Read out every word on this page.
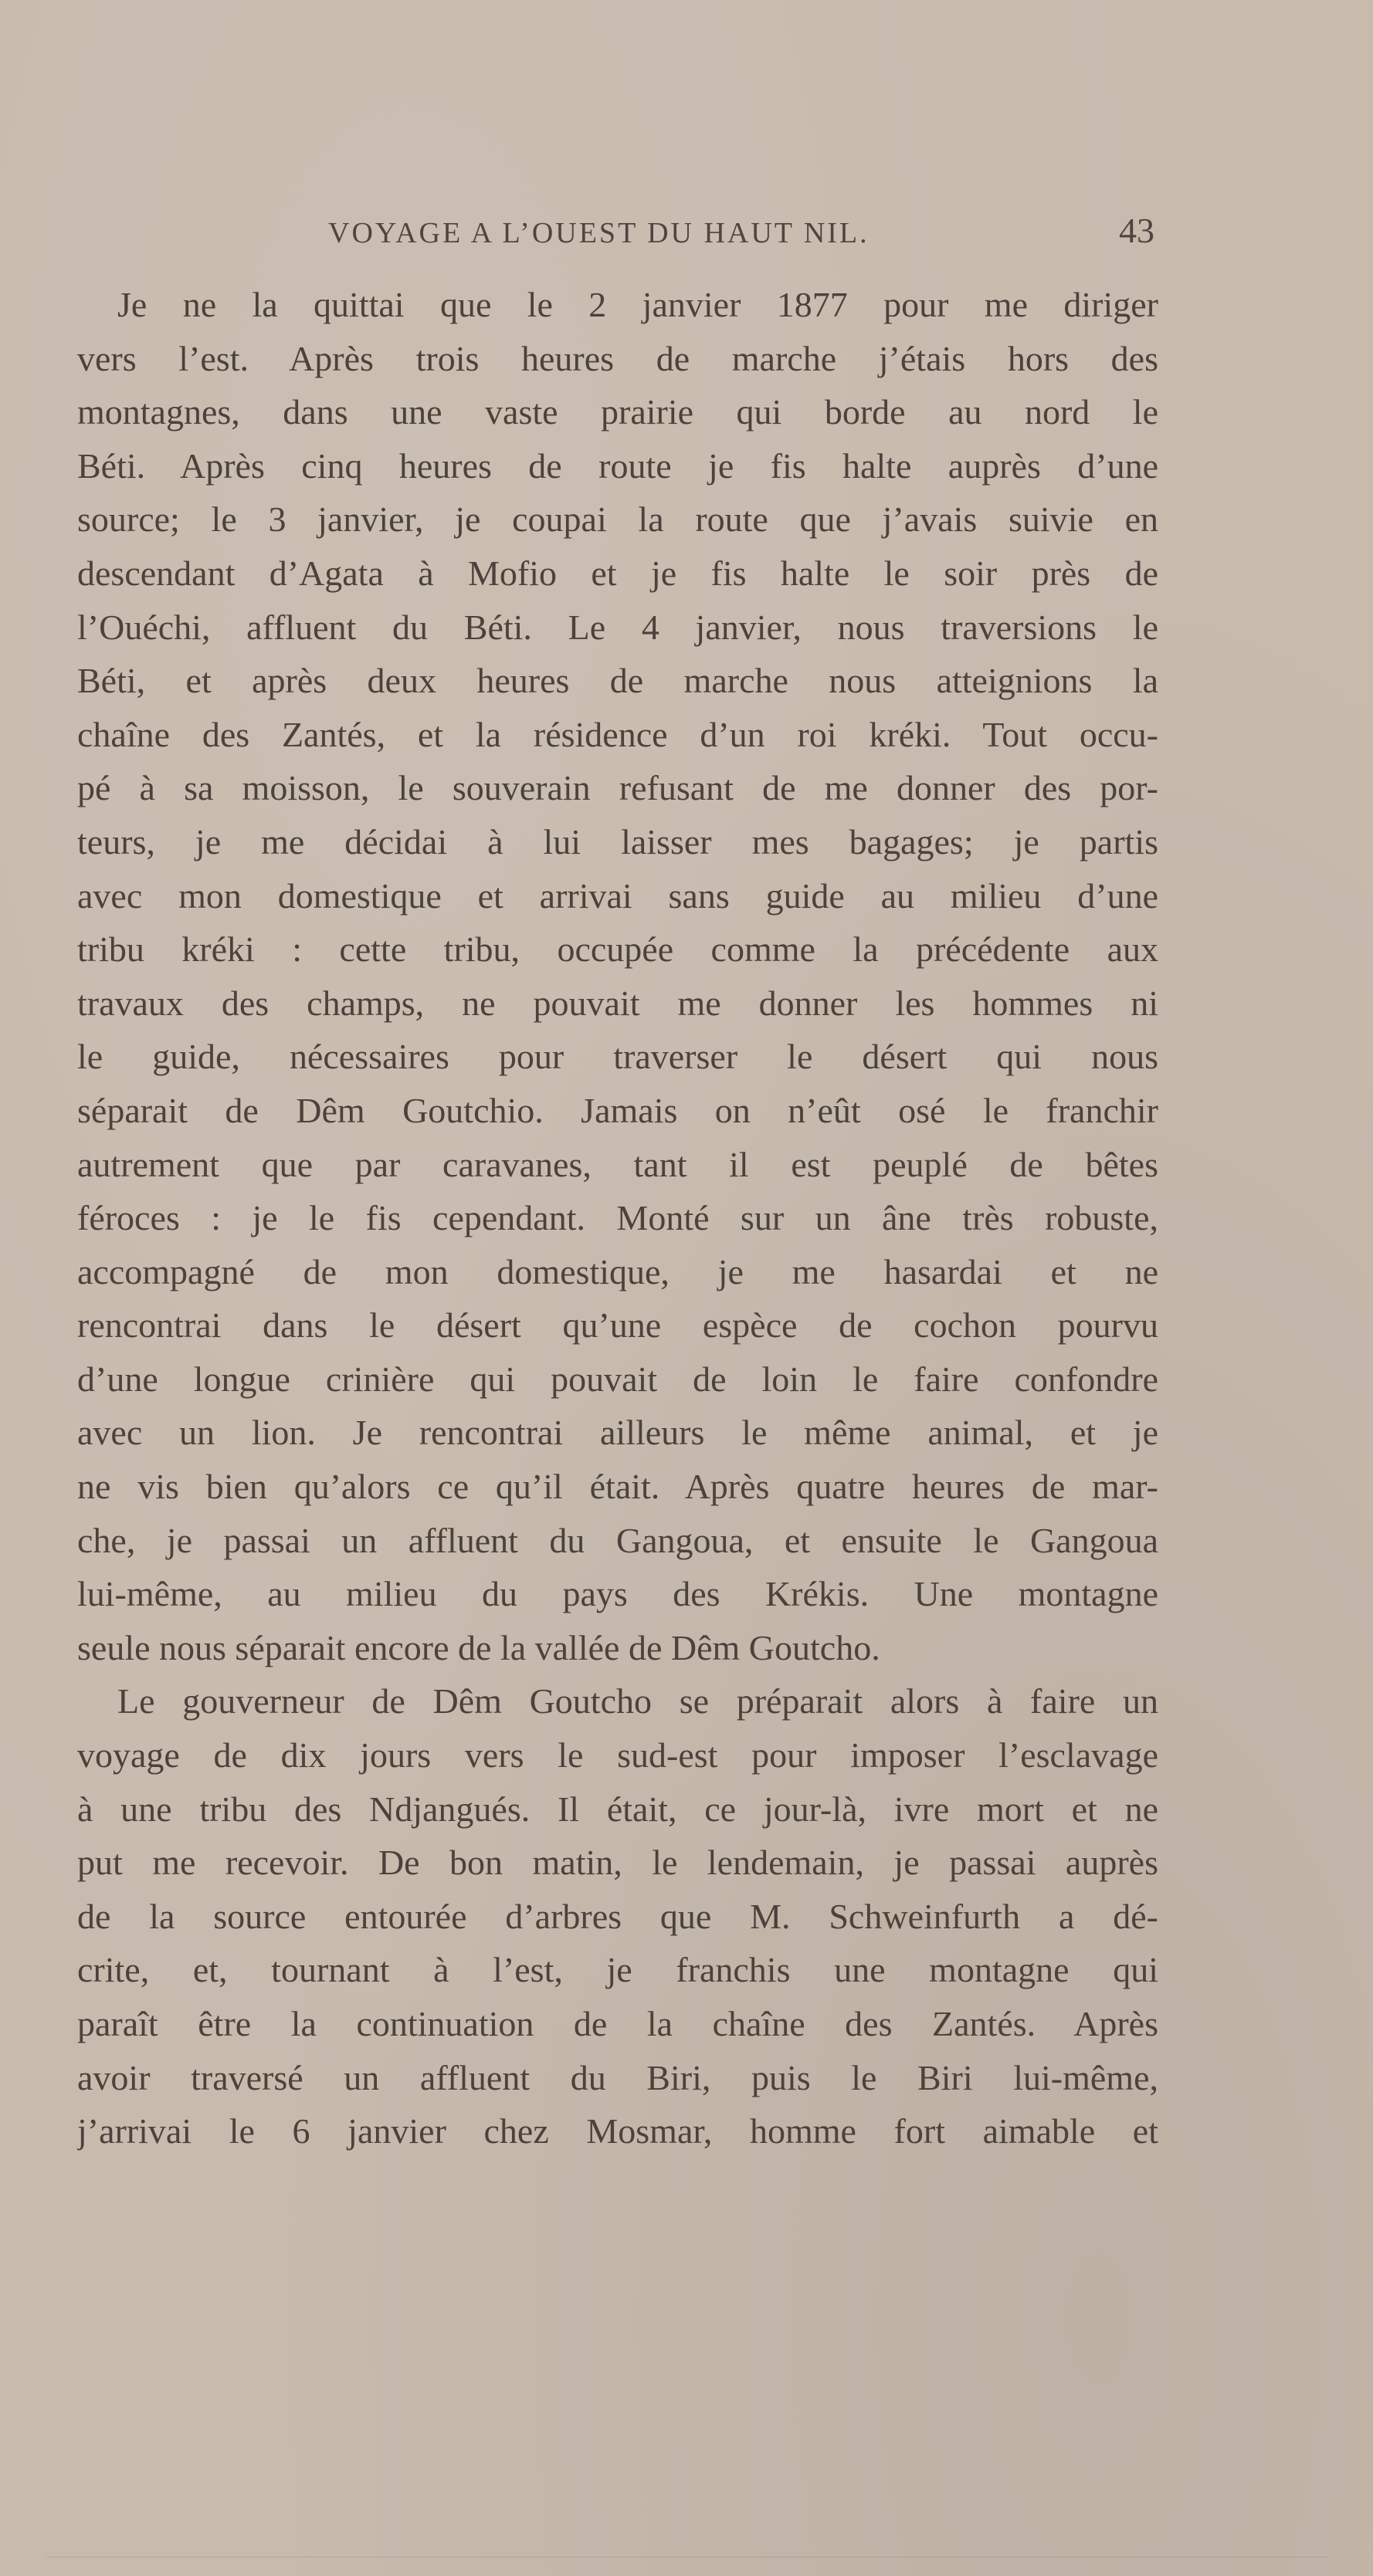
VOYAGE A L’OUEST DU HAUT NIL.	43
Je ne la quittai que le 2 janvier 1877 pour me diriger
vers l’est. Après trois heures de marche j’étais hors des
montagnes, dans une vaste prairie qui borde au nord le
Béti. Après cinq heures de route je fis halte auprès d’une
source; le 3 janvier, je coupai la route que j’avais suivie en
descendant d’Agata à Mofio et je fis halte le soir près de
l’Ouéchi, affluent du Béti. Le 4 janvier, nous traversions le
Béti, et après deux heures de marche nous atteignions la
chaîne des Zantés, et la résidence d’un roi kréki. Tout occu-
pé à sa moisson, le souverain refusant de me donner des por-
teurs, je me décidai à lui laisser mes bagages; je partis
avec mon domestique et arrivai sans guide au milieu d’une
tribu kréki : cette tribu, occupée comme la précédente aux
travaux des champs, ne pouvait me donner les hommes ni
le guide, nécessaires pour traverser le désert qui nous
séparait de Dêm Goutchio. Jamais on n’eût osé le franchir
autrement que par caravanes, tant il est peuplé de bêtes
féroces : je le fis cependant. Monté sur un âne très robuste,
accompagné de mon domestique, je me hasardai et ne
rencontrai dans le désert qu’une espèce de cochon pourvu
d’une longue crinière qui pouvait de loin le faire confondre
avec un lion. Je rencontrai ailleurs le même animal, et je
ne vis bien qu’alors ce qu’il était. Après quatre heures de mar-
che, je passai un affluent du Gangoua, et ensuite le Gangoua
lui-même, au milieu du pays des Krékis. Une montagne
seule nous séparait encore de la vallée de Dêm Goutcho.
Le gouverneur de Dêm Goutcho se préparait alors à faire un
voyage de dix jours vers le sud-est pour imposer l’esclavage
à une tribu des Ndjangués. Il était, ce jour-là, ivre mort et ne
put me recevoir. De bon matin, le lendemain, je passai auprès
de la source entourée d’arbres que M. Schweinfurth a dé-
crite, et, tournant à l’est, je franchis une montagne qui
paraît être la continuation de la chaîne des Zantés. Après
avoir traversé un affluent du Biri, puis le Biri lui-même,
j’arrivai le 6 janvier chez Mosmar, homme fort aimable et
